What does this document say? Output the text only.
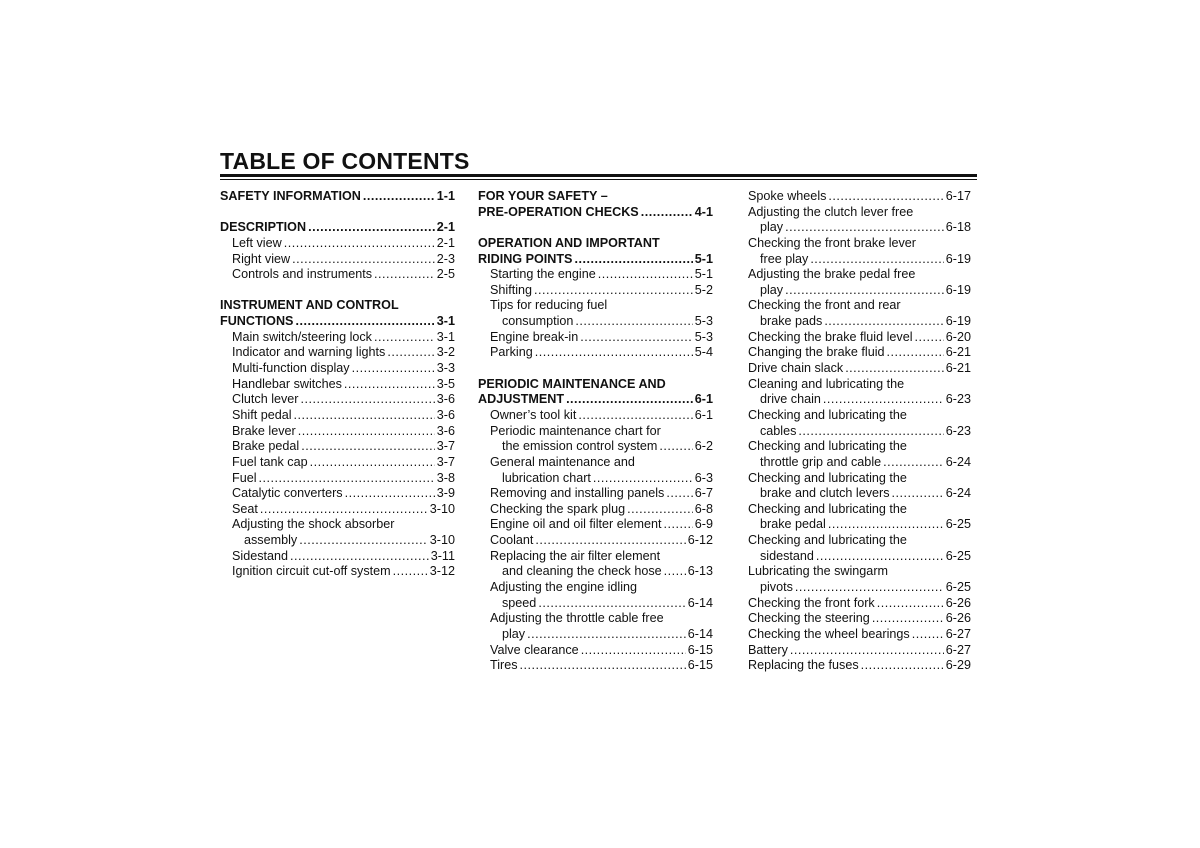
TABLE OF CONTENTS
SAFETY INFORMATION .....	1-1
DESCRIPTION .....	2-1
Left view .....	2-1
Right view .....	2-3
Controls and instruments .....	2-5
INSTRUMENT AND CONTROL
FUNCTIONS .....	3-1
Main switch/steering lock .....	3-1
Indicator and warning lights .....	3-2
Multi-function display .....	3-3
Handlebar switches .....	3-5
Clutch lever .....	3-6
Shift pedal .....	3-6
Brake lever .....	3-6
Brake pedal .....	3-7
Fuel tank cap .....	3-7
Fuel .....	3-8
Catalytic converters .....	3-9
Seat .....	3-10
Adjusting the shock absorber
assembly .....	3-10
Sidestand .....	3-11
Ignition circuit cut-off system .....	3-12
FOR YOUR SAFETY –
PRE-OPERATION CHECKS .....	4-1
OPERATION AND IMPORTANT
RIDING POINTS .....	5-1
Starting the engine .....	5-1
Shifting .....	5-2
Tips for reducing fuel
consumption .....	5-3
Engine break-in .....	5-3
Parking .....	5-4
PERIODIC MAINTENANCE AND
ADJUSTMENT .....	6-1
Owner’s tool kit .....	6-1
Periodic maintenance chart for
the emission control system .....	6-2
General maintenance and
lubrication chart .....	6-3
Removing and installing panels ..... 6-7
Checking the spark plug .....	6-8
Engine oil and oil filter element .....	6-9
Coolant .....	6-12
Replacing the air filter element
and cleaning the check hose ..... 6-13
Adjusting the engine idling
speed .....	6-14
Adjusting the throttle cable free
play .....	6-14
Valve clearance .....	6-15
Tires .....	6-15
Spoke wheels .....	6-17
Adjusting the clutch lever free
play .....	6-18
Checking the front brake lever
free play .....	6-19
Adjusting the brake pedal free
play .....	6-19
Checking the front and rear
brake pads .....	6-19
Checking the brake fluid level .....	6-20
Changing the brake fluid .....	6-21
Drive chain slack .....	6-21
Cleaning and lubricating the
drive chain .....	6-23
Checking and lubricating the
cables .....	6-23
Checking and lubricating the
throttle grip and cable .....	6-24
Checking and lubricating the
brake and clutch levers .....	6-24
Checking and lubricating the
brake pedal .....	6-25
Checking and lubricating the
sidestand .....	6-25
Lubricating the swingarm
pivots .....	6-25
Checking the front fork .....	6-26
Checking the steering .....	6-26
Checking the wheel bearings .....	6-27
Battery .....	6-27
Replacing the fuses .....	6-29
